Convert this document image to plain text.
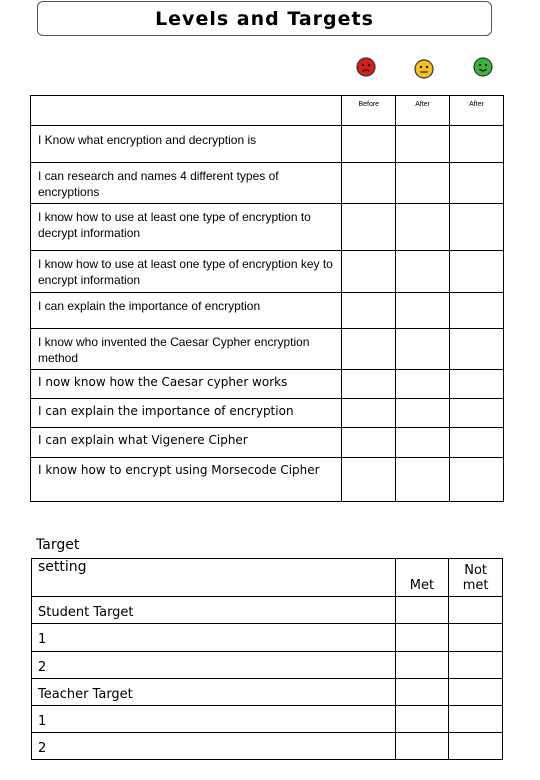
Levels and Targets
	Before	After	After
I Know what encryption and decryption is			
I can research and names 4 different types of encryptions			
I know how to use at least one type of encryption to decrypt information			
I know how to use at least one type of encryption key to encrypt information			
I can explain the importance of encryption			
I know who invented the Caesar Cypher encryption method			
I now know how the Caesar cypher works			
I can explain the importance of encryption			
I can explain what Vigenere Cipher			
I know how to encrypt using Morsecode Cipher			
Target
setting	Met	Not met
Student Target		
1		
2		
Teacher Target		
1		
2		
